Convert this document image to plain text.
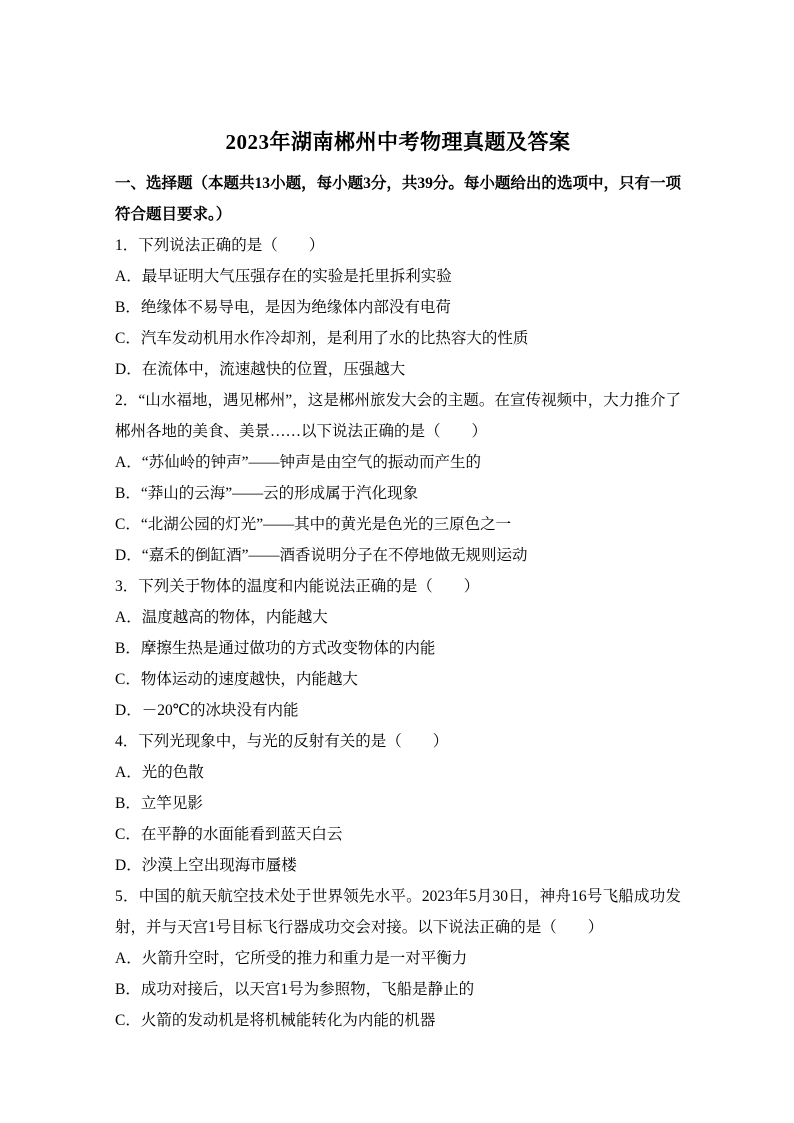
2023年湖南郴州中考物理真题及答案

一、选择题（本题共13小题，每小题3分，共39分。每小题给出的选项中，只有一项符合题目要求。）

1．下列说法正确的是（　　）

A．最早证明大气压强存在的实验是托里拆利实验

B．绝缘体不易导电，是因为绝缘体内部没有电荷

C．汽车发动机用水作冷却剂，是利用了水的比热容大的性质

D．在流体中，流速越快的位置，压强越大

2．“山水福地，遇见郴州”，这是郴州旅发大会的主题。在宣传视频中，大力推介了郴州各地的美食、美景……以下说法正确的是（　　）

A．“苏仙岭的钟声”――钟声是由空气的振动而产生的

B．“莽山的云海”――云的形成属于汽化现象

C．“北湖公园的灯光”――其中的黄光是色光的三原色之一

D．“嘉禾的倒缸酒”――酒香说明分子在不停地做无规则运动

3．下列关于物体的温度和内能说法正确的是（　　）

A．温度越高的物体，内能越大

B．摩擦生热是通过做功的方式改变物体的内能

C．物体运动的速度越快，内能越大

D．－20℃的冰块没有内能

4．下列光现象中，与光的反射有关的是（　　）

A．光的色散

B．立竿见影

C．在平静的水面能看到蓝天白云

D．沙漠上空出现海市蜃楼

5．中国的航天航空技术处于世界领先水平。2023年5月30日，神舟16号飞船成功发射，并与天宫1号目标飞行器成功交会对接。以下说法正确的是（　　）

A．火箭升空时，它所受的推力和重力是一对平衡力

B．成功对接后，以天宫1号为参照物，飞船是静止的

C．火箭的发动机是将机械能转化为内能的机器
